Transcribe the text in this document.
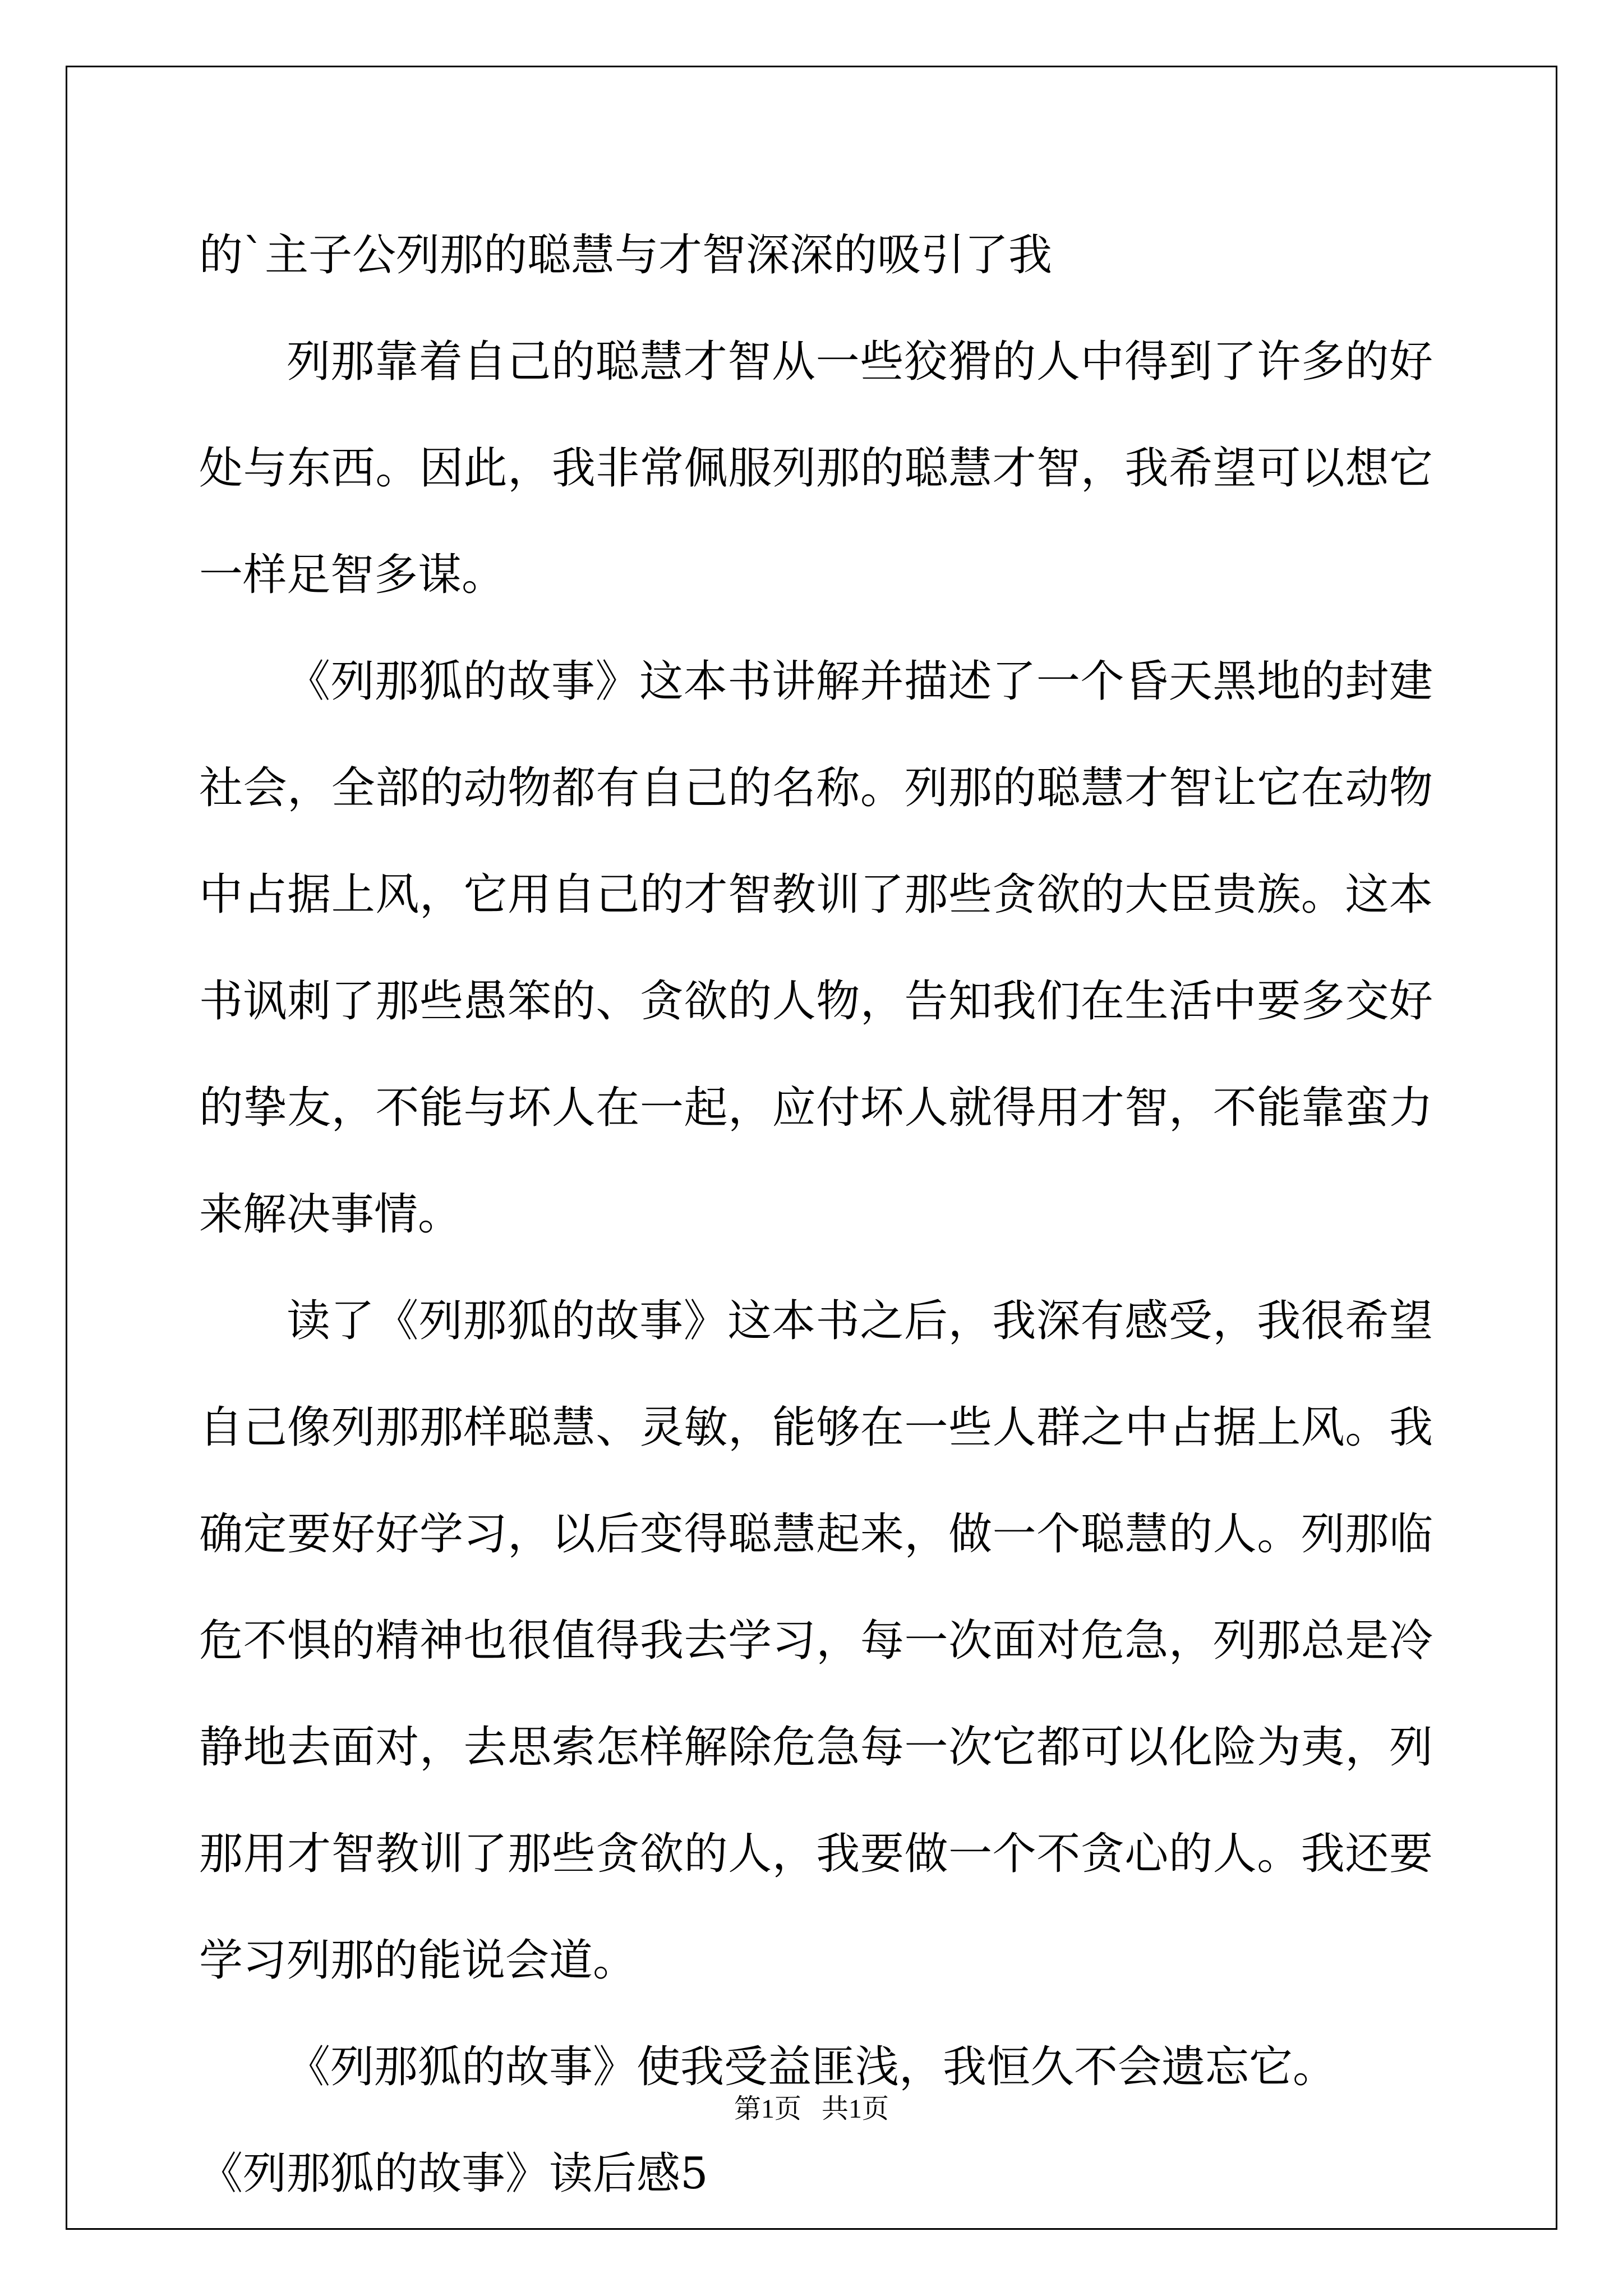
的`主子公列那的聪慧与才智深深的吸引了我

列那靠着自己的聪慧才智从一些狡猾的人中得到了许多的好处与东西。因此，我非常佩服列那的聪慧才智，我希望可以想它一样足智多谋。

《列那狐的故事》这本书讲解并描述了一个昏天黑地的封建社会，全部的动物都有自己的名称。列那的聪慧才智让它在动物中占据上风，它用自己的才智教训了那些贪欲的大臣贵族。这本书讽刺了那些愚笨的、贪欲的人物，告知我们在生活中要多交好的挚友，不能与坏人在一起，应付坏人就得用才智，不能靠蛮力来解决事情。

读了《列那狐的故事》这本书之后，我深有感受，我很希望自己像列那那样聪慧、灵敏，能够在一些人群之中占据上风。我确定要好好学习，以后变得聪慧起来，做一个聪慧的人。列那临危不惧的精神也很值得我去学习，每一次面对危急，列那总是冷静地去面对，去思索怎样解除危急每一次它都可以化险为夷，列那用才智教训了那些贪欲的人，我要做一个不贪心的人。我还要学习列那的能说会道。

《列那狐的故事》使我受益匪浅，我恒久不会遗忘它。

《列那狐的故事》读后感5

第1页   共1页
